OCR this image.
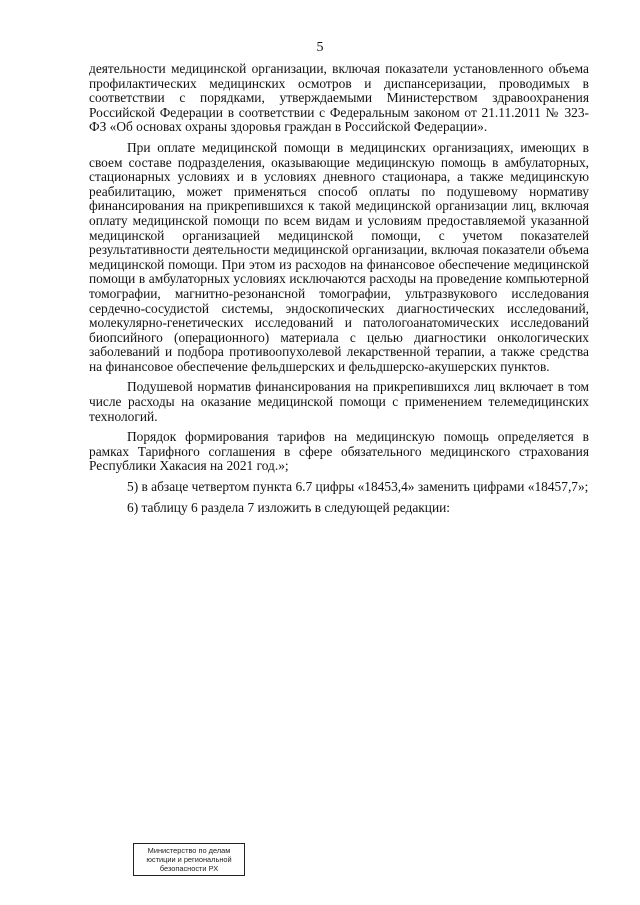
5

деятельности медицинской организации, включая показатели установленного объема профилактических медицинских осмотров и диспансеризации, проводимых в соответствии с порядками, утверждаемыми Министерством здравоохранения Российской Федерации в соответствии с Федеральным законом от 21.11.2011 № 323-ФЗ «Об основах охраны здоровья граждан в Российской Федерации».

При оплате медицинской помощи в медицинских организациях, имеющих в своем составе подразделения, оказывающие медицинскую помощь в амбулаторных, стационарных условиях и в условиях дневного стационара, а также медицинскую реабилитацию, может применяться способ оплаты по подушевому нормативу финансирования на прикрепившихся к такой медицинской организации лиц, включая оплату медицинской помощи по всем видам и условиям предоставляемой указанной медицинской организацией медицинской помощи, с учетом показателей результативности деятельности медицинской организации, включая показатели объема медицинской помощи. При этом из расходов на финансовое обеспечение медицинской помощи в амбулаторных условиях исключаются расходы на проведение компьютерной томографии, магнитно-резонансной томографии, ультразвукового исследования сердечно-сосудистой системы, эндоскопических диагностических исследований, молекулярно-генетических исследований и патологоанатомических исследований биопсийного (операционного) материала с целью диагностики онкологических заболеваний и подбора противоопухолевой лекарственной терапии, а также средства на финансовое обеспечение фельдшерских и фельдшерско-акушерских пунктов.

Подушевой норматив финансирования на прикрепившихся лиц включает в том числе расходы на оказание медицинской помощи с применением телемедицинских технологий.

Порядок формирования тарифов на медицинскую помощь определяется в рамках Тарифного соглашения в сфере обязательного медицинского страхования Республики Хакасия на 2021 год.»;

5) в абзаце четвертом пункта 6.7 цифры «18453,4» заменить цифрами «18457,7»;

6) таблицу 6 раздела 7 изложить в следующей редакции:

Министерство по делам
юстиции и региональной
безопасности РХ
